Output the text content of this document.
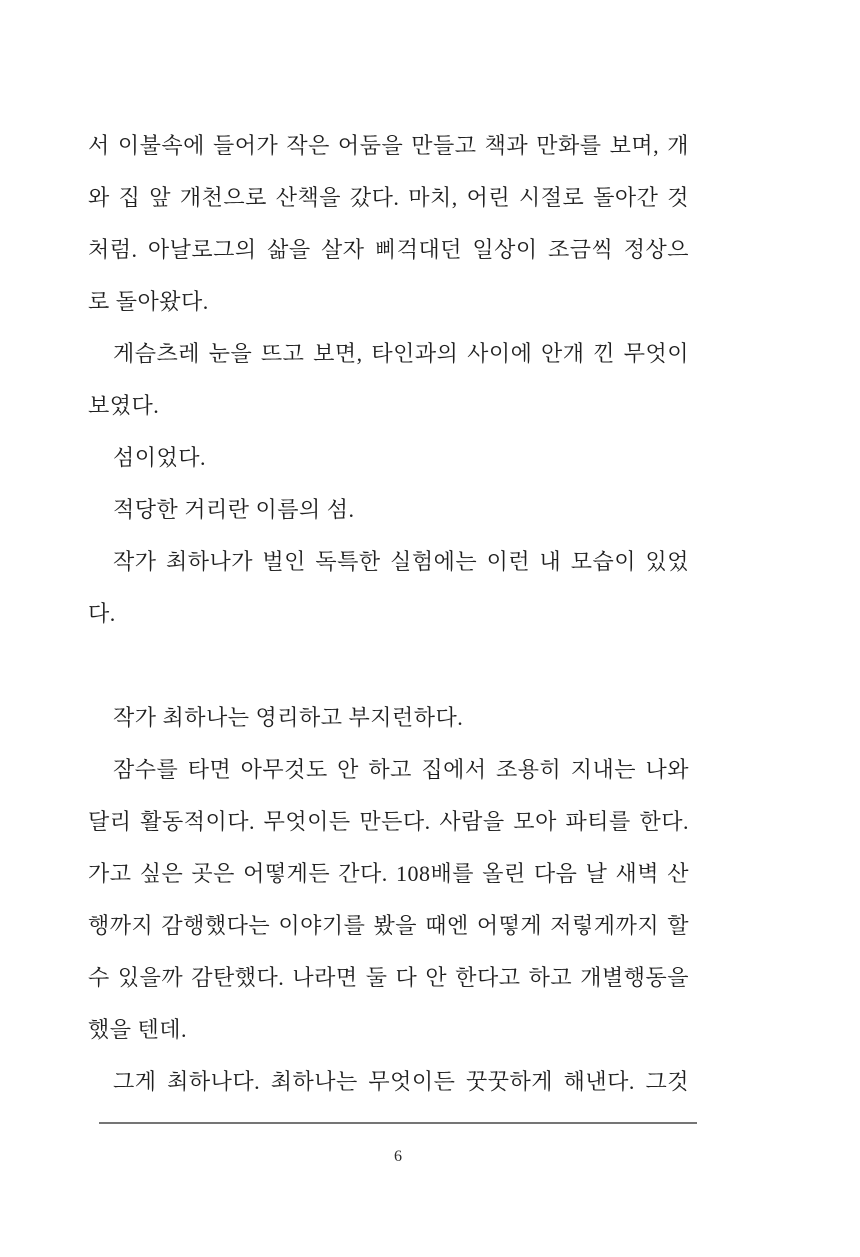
서 이불속에 들어가 작은 어둠을 만들고 책과 만화를 보며, 개
와 집 앞 개천으로 산책을 갔다. 마치, 어린 시절로 돌아간 것
처럼. 아날로그의 삶을 살자 삐걱대던 일상이 조금씩 정상으
로 돌아왔다.
게슴츠레 눈을 뜨고 보면, 타인과의 사이에 안개 낀 무엇이
보였다.
섬이었다.
적당한 거리란 이름의 섬.
작가 최하나가 벌인 독특한 실험에는 이런 내 모습이 있었
다.
작가 최하나는 영리하고 부지런하다.
잠수를 타면 아무것도 안 하고 집에서 조용히 지내는 나와
달리 활동적이다. 무엇이든 만든다. 사람을 모아 파티를 한다.
가고 싶은 곳은 어떻게든 간다. 108배를 올린 다음 날 새벽 산
행까지 감행했다는 이야기를 봤을 때엔 어떻게 저렇게까지 할
수 있을까 감탄했다. 나라면 둘 다 안 한다고 하고 개별행동을
했을 텐데.
그게 최하나다. 최하나는 무엇이든 꿋꿋하게 해낸다. 그것
6
